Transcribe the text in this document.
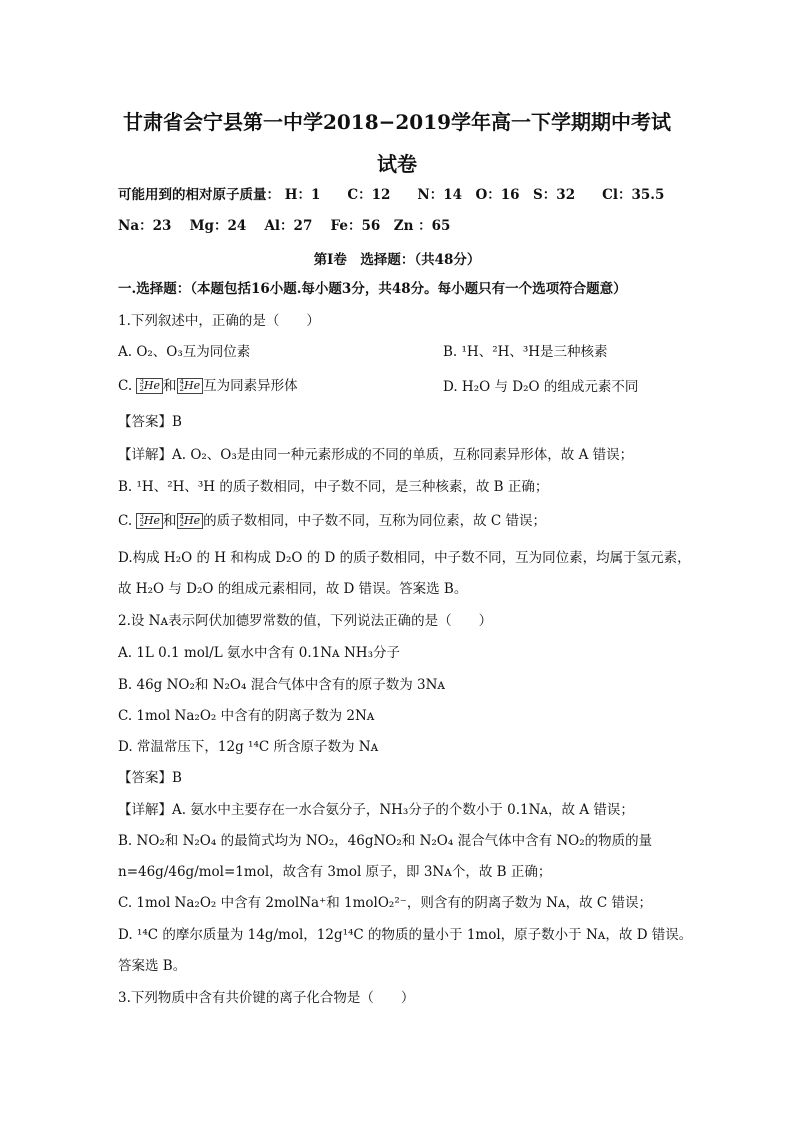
甘肃省会宁县第一中学2018−2019学年高一下学期期中考试
试卷
可能用到的相对原子质量： H：1　　C：12　　N：14　O：16　S：32　　Cl：35.5
Na：23　 Mg：24　 Al：27　 Fe：56　Zn ：65
第Ⅰ卷　选择题：（共48分）
一.选择题：（本题包括16小题.每小题3分，共48分。每小题只有一个选项符合题意）
1.下列叙述中，正确的是（　　）
A. O₂、O₃互为同位素	B. ¹H、²H、³H是三种核素
C. 3
2He 和 4
2He 互为同素异形体	D. H₂O 与 D₂O 的组成元素不同
【答案】B
【详解】A. O₂、O₃是由同一种元素形成的不同的单质，互称同素异形体，故 A 错误；
B. ¹H、²H、³H 的质子数相同，中子数不同，是三种核素，故 B 正确；
C. 3
2He 和 4
2He 的质子数相同，中子数不同，互称为同位素，故 C 错误；
D.构成 H₂O 的 H 和构成 D₂O 的 D 的质子数相同，中子数不同，互为同位素，均属于氢元素，
故 H₂O 与 D₂O 的组成元素相同，故 D 错误。答案选 B。
2.设 Nᴀ表示阿伏加德罗常数的值，下列说法正确的是（　　）
A. 1L 0.1 mol/L 氨水中含有 0.1Nᴀ NH₃分子
B. 46g NO₂和 N₂O₄ 混合气体中含有的原子数为 3Nᴀ
C. 1mol Na₂O₂ 中含有的阴离子数为 2Nᴀ
D. 常温常压下，12g ¹⁴C 所含原子数为 Nᴀ
【答案】B
【详解】A. 氨水中主要存在一水合氨分子，NH₃分子的个数小于 0.1Nᴀ，故 A 错误；
B. NO₂和 N₂O₄ 的最简式均为 NO₂，46gNO₂和 N₂O₄ 混合气体中含有 NO₂的物质的量
n=46g/46g/mol=1mol，故含有 3mol 原子，即 3Nᴀ个，故 B 正确；
C. 1mol Na₂O₂ 中含有 2molNa⁺和 1molO₂²⁻，则含有的阴离子数为 Nᴀ，故 C 错误；
D. ¹⁴C 的摩尔质量为 14g/mol，12g¹⁴C 的物质的量小于 1mol，原子数小于 Nᴀ，故 D 错误。
答案选 B。
3.下列物质中含有共价键的离子化合物是（　　）
